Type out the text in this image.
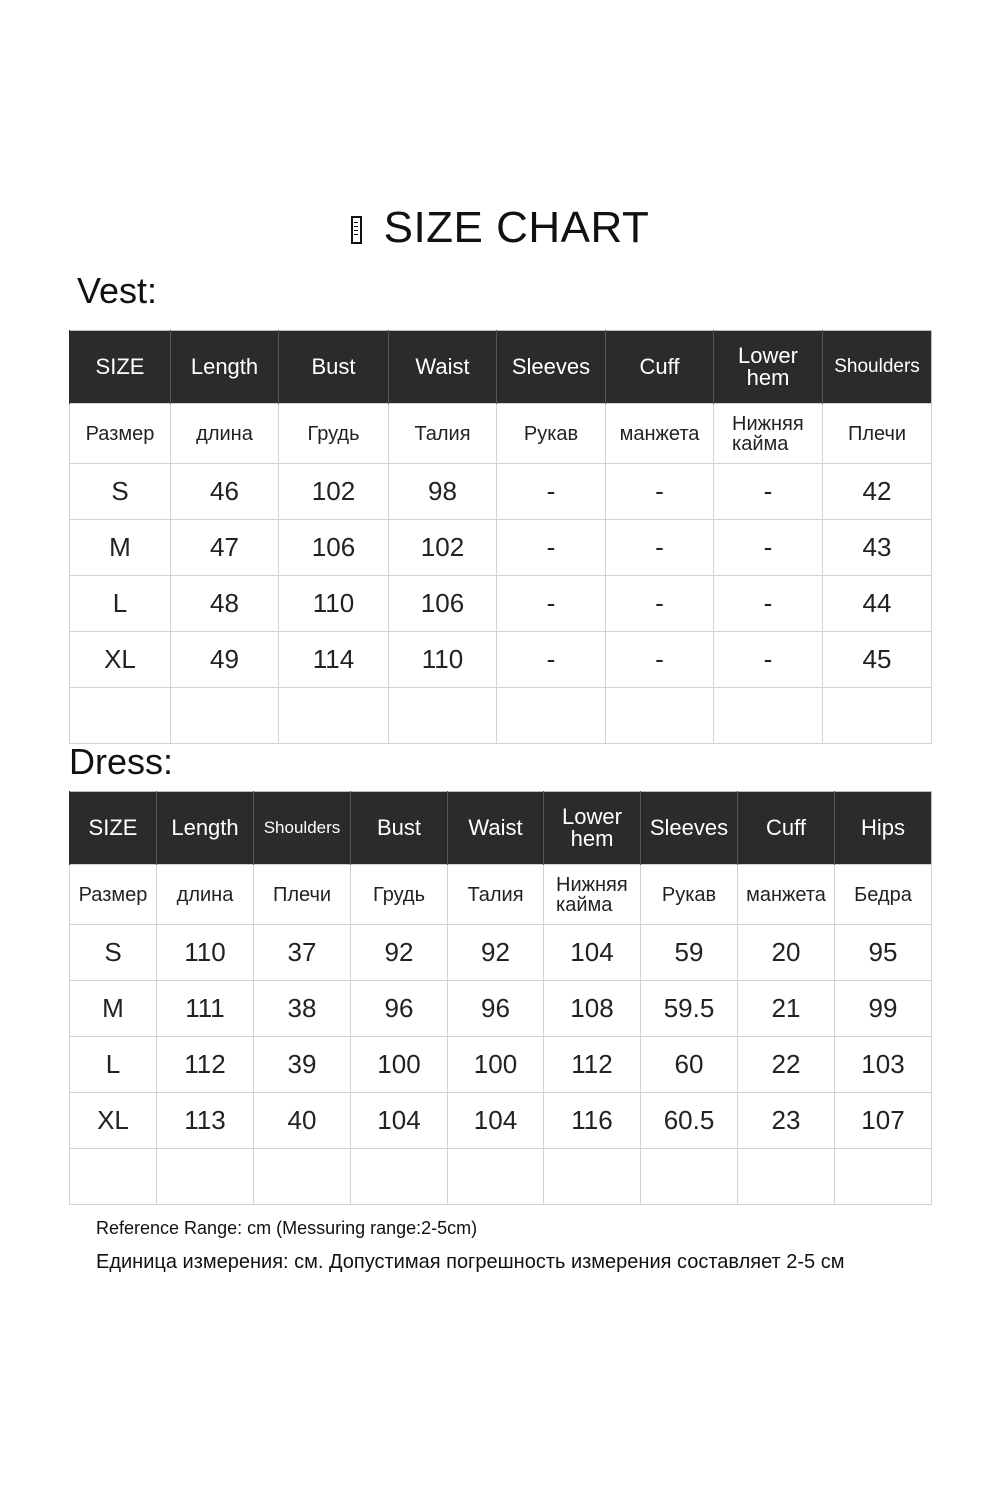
SIZE CHART
Vest:
SIZE	Length	Bust	Waist	Sleeves	Cuff	Lower hem	Shoulders
Размер	длина	Грудь	Талия	Рукав	манжета	Нижняя кайма	Плечи
S	46	102	98	-	-	-	42
M	47	106	102	-	-	-	43
L	48	110	106	-	-	-	44
XL	49	114	110	-	-	-	45

Dress:
SIZE	Length	Shoulders	Bust	Waist	Lower hem	Sleeves	Cuff	Hips
Размер	длина	Плечи	Грудь	Талия	Нижняя кайма	Рукав	манжета	Бедра
S	110	37	92	92	104	59	20	95
M	111	38	96	96	108	59.5	21	99
L	112	39	100	100	112	60	22	103
XL	113	40	104	104	116	60.5	23	107

Reference Range: cm (Messuring range:2-5cm)
Единица измерения: см. Допустимая погрешность измерения составляет 2-5 см
